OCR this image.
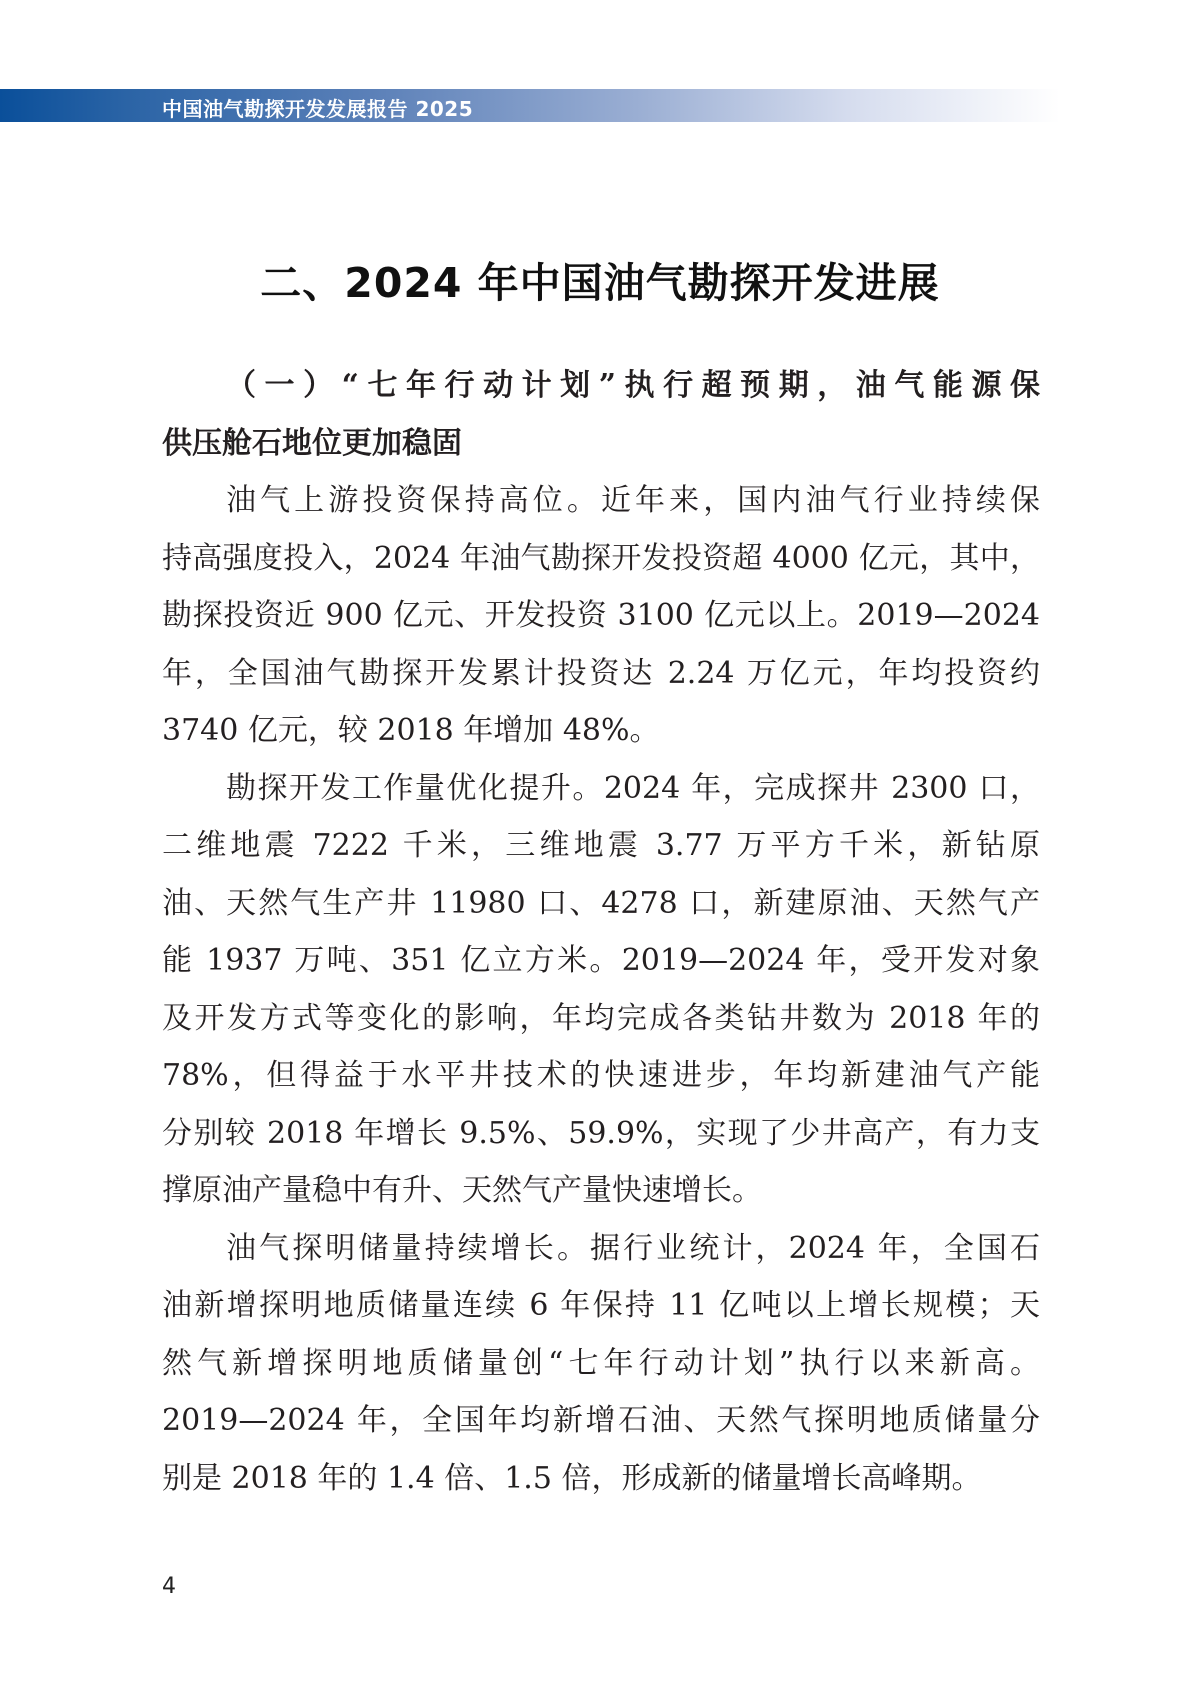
中国油气勘探开发发展报告 2025
二、2024 年中国油气勘探开发进展
（一）“七年行动计划”执行超预期，油气能源保
供压舱石地位更加稳固
油气上游投资保持高位。近年来，国内油气行业持续保
持高强度投入，2024 年油气勘探开发投资超 4000 亿元，其中，
勘探投资近 900 亿元、开发投资 3100 亿元以上。2019—2024
年，全国油气勘探开发累计投资达 2.24 万亿元，年均投资约
3740 亿元，较 2018 年增加 48%。
勘探开发工作量优化提升。2024 年，完成探井 2300 口，
二维地震 7222 千米，三维地震 3.77 万平方千米，新钻原
油、天然气生产井 11980 口、4278 口，新建原油、天然气产
能 1937 万吨、351 亿立方米。2019—2024 年，受开发对象
及开发方式等变化的影响，年均完成各类钻井数为 2018 年的
78%，但得益于水平井技术的快速进步，年均新建油气产能
分别较 2018 年增长 9.5%、59.9%，实现了少井高产，有力支
撑原油产量稳中有升、天然气产量快速增长。
油气探明储量持续增长。据行业统计，2024 年，全国石
油新增探明地质储量连续 6 年保持 11 亿吨以上增长规模；天
然气新增探明地质储量创“七年行动计划”执行以来新高。
2019—2024 年，全国年均新增石油、天然气探明地质储量分
别是 2018 年的 1.4 倍、1.5 倍，形成新的储量增长高峰期。
4
